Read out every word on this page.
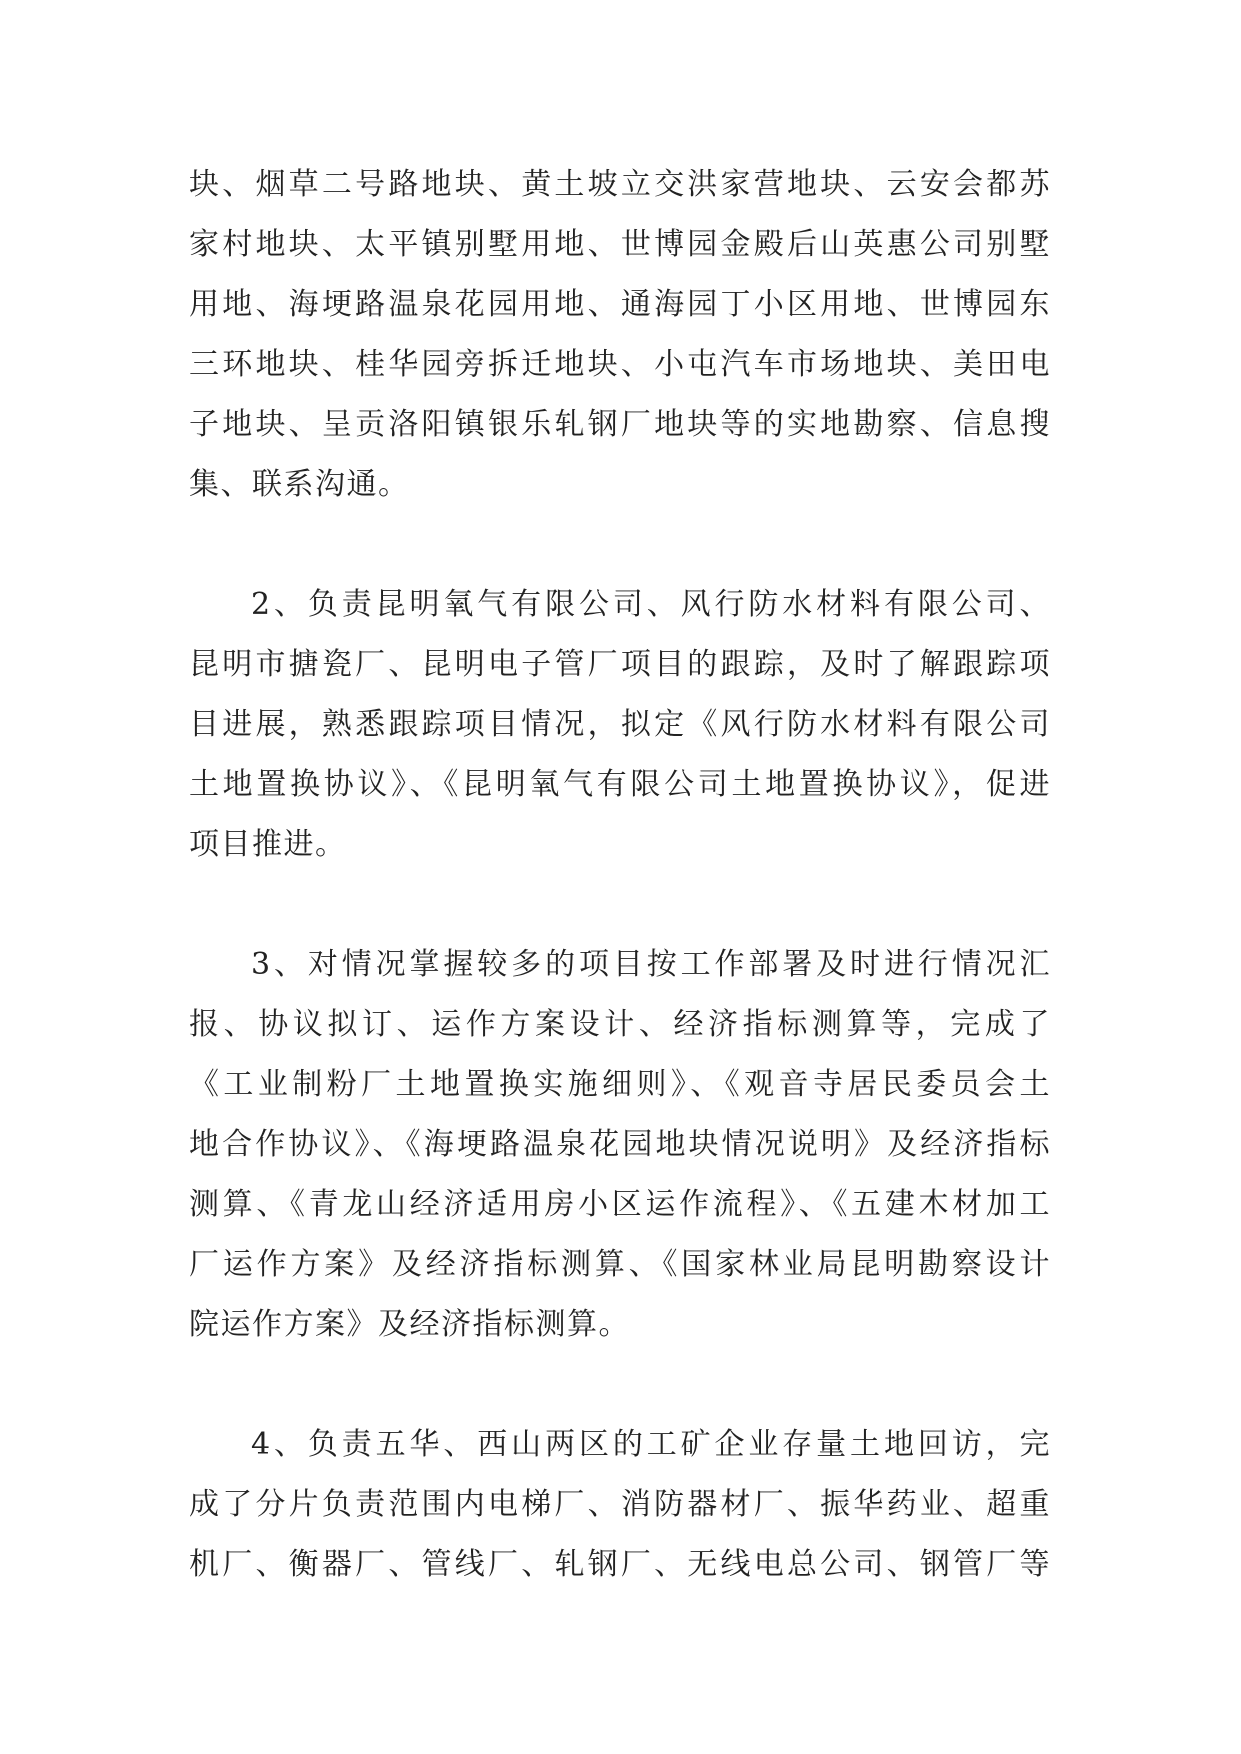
块、烟草二号路地块、黄土坡立交洪家营地块、云安会都苏
家村地块、太平镇别墅用地、世博园金殿后山英惠公司别墅
用地、海埂路温泉花园用地、通海园丁小区用地、世博园东
三环地块、桂华园旁拆迁地块、小屯汽车市场地块、美田电
子地块、呈贡洛阳镇银乐轧钢厂地块等的实地勘察、信息搜
集、联系沟通。
2、负责昆明氧气有限公司、风行防水材料有限公司、
昆明市搪瓷厂、昆明电子管厂项目的跟踪，及时了解跟踪项
目进展，熟悉跟踪项目情况，拟定《风行防水材料有限公司
土地置换协议》、《昆明氧气有限公司土地置换协议》，促进
项目推进。
3、对情况掌握较多的项目按工作部署及时进行情况汇
报、协议拟订、运作方案设计、经济指标测算等，完成了
《工业制粉厂土地置换实施细则》、《观音寺居民委员会土
地合作协议》、《海埂路温泉花园地块情况说明》及经济指标
测算、《青龙山经济适用房小区运作流程》、《五建木材加工
厂运作方案》及经济指标测算、《国家林业局昆明勘察设计
院运作方案》及经济指标测算。
4、负责五华、西山两区的工矿企业存量土地回访，完
成了分片负责范围内电梯厂、消防器材厂、振华药业、超重
机厂、衡器厂、管线厂、轧钢厂、无线电总公司、钢管厂等
